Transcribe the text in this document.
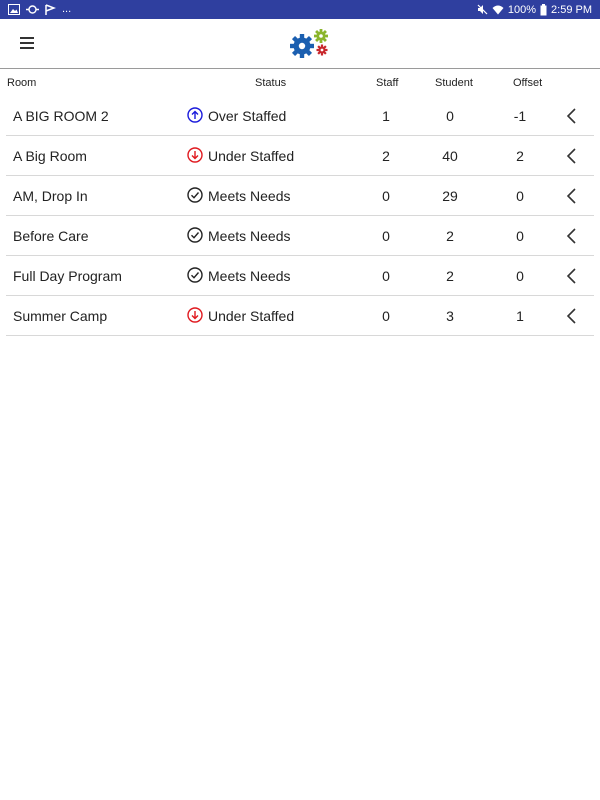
...	100% 2:59 PM
Room	Status	Staff	Student	Offset
A BIG ROOM 2	Over Staffed	1	0	-1
A Big Room	Under Staffed	2	40	2
AM, Drop In	Meets Needs	0	29	0
Before Care	Meets Needs	0	2	0
Full Day Program	Meets Needs	0	2	0
Summer Camp	Under Staffed	0	3	1
